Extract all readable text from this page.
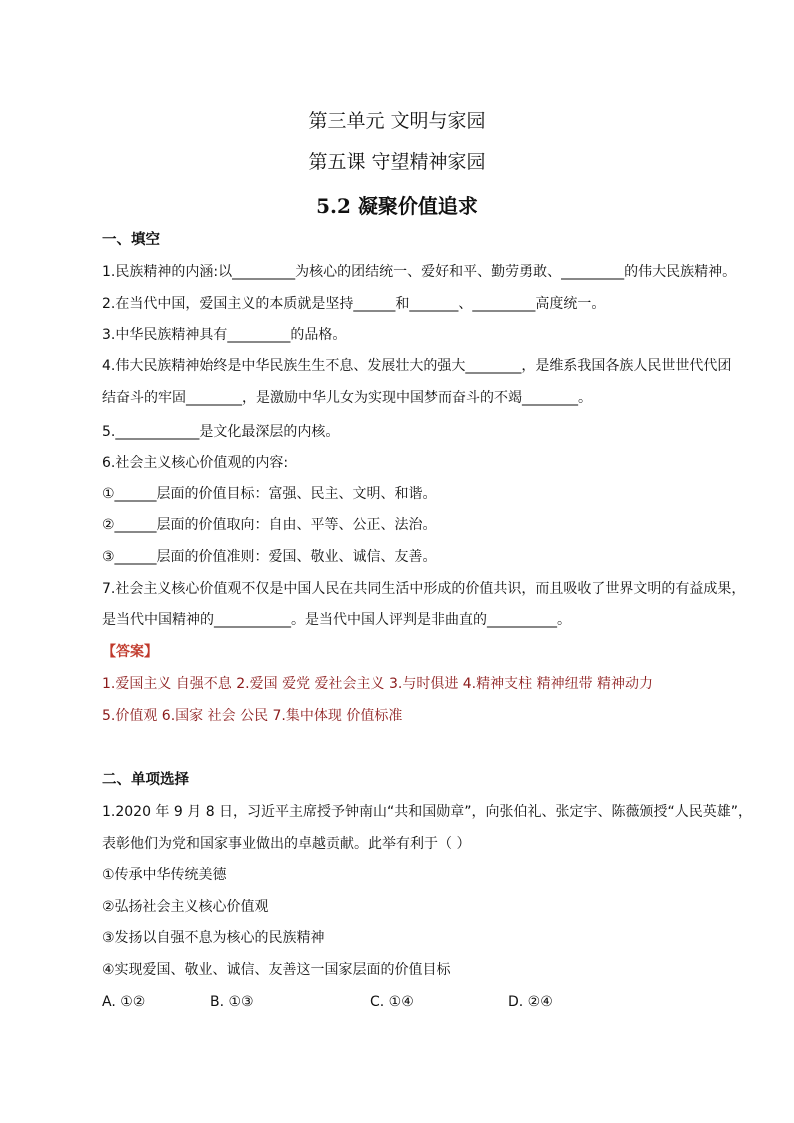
第三单元 文明与家园
第五课 守望精神家园
5.2 凝聚价值追求
一、填空
1.民族精神的内涵:以_________为核心的团结统一、爱好和平、勤劳勇敢、_________的伟大民族精神。
2.在当代中国，爱国主义的本质就是坚持______和_______、_________高度统一。
3.中华民族精神具有_________的品格。
4.伟大民族精神始终是中华民族生生不息、发展壮大的强大________，是维系我国各族人民世世代代团
结奋斗的牢固________，是激励中华儿女为实现中国梦而奋斗的不竭________。
5.____________是文化最深层的内核。
6.社会主义核心价值观的内容:
①______层面的价值目标：富强、民主、文明、和谐。
②______层面的价值取向：自由、平等、公正、法治。
③______层面的价值准则：爱国、敬业、诚信、友善。
7.社会主义核心价值观不仅是中国人民在共同生活中形成的价值共识，而且吸收了世界文明的有益成果，
是当代中国精神的___________。是当代中国人评判是非曲直的__________。
【答案】
1.爱国主义 自强不息 2.爱国 爱党 爱社会主义 3.与时俱进 4.精神支柱 精神纽带 精神动力
5.价值观 6.国家 社会 公民 7.集中体现 价值标准
二、单项选择
1.2020 年 9 月 8 日，习近平主席授予钟南山“共和国勋章”，向张伯礼、张定宇、陈薇颁授“人民英雄”，
表彰他们为党和国家事业做出的卓越贡献。此举有利于（ ）
①传承中华传统美德
②弘扬社会主义核心价值观
③发扬以自强不息为核心的民族精神
④实现爱国、敬业、诚信、友善这一国家层面的价值目标
A. ①②	B. ①③	C. ①④	D. ②④
